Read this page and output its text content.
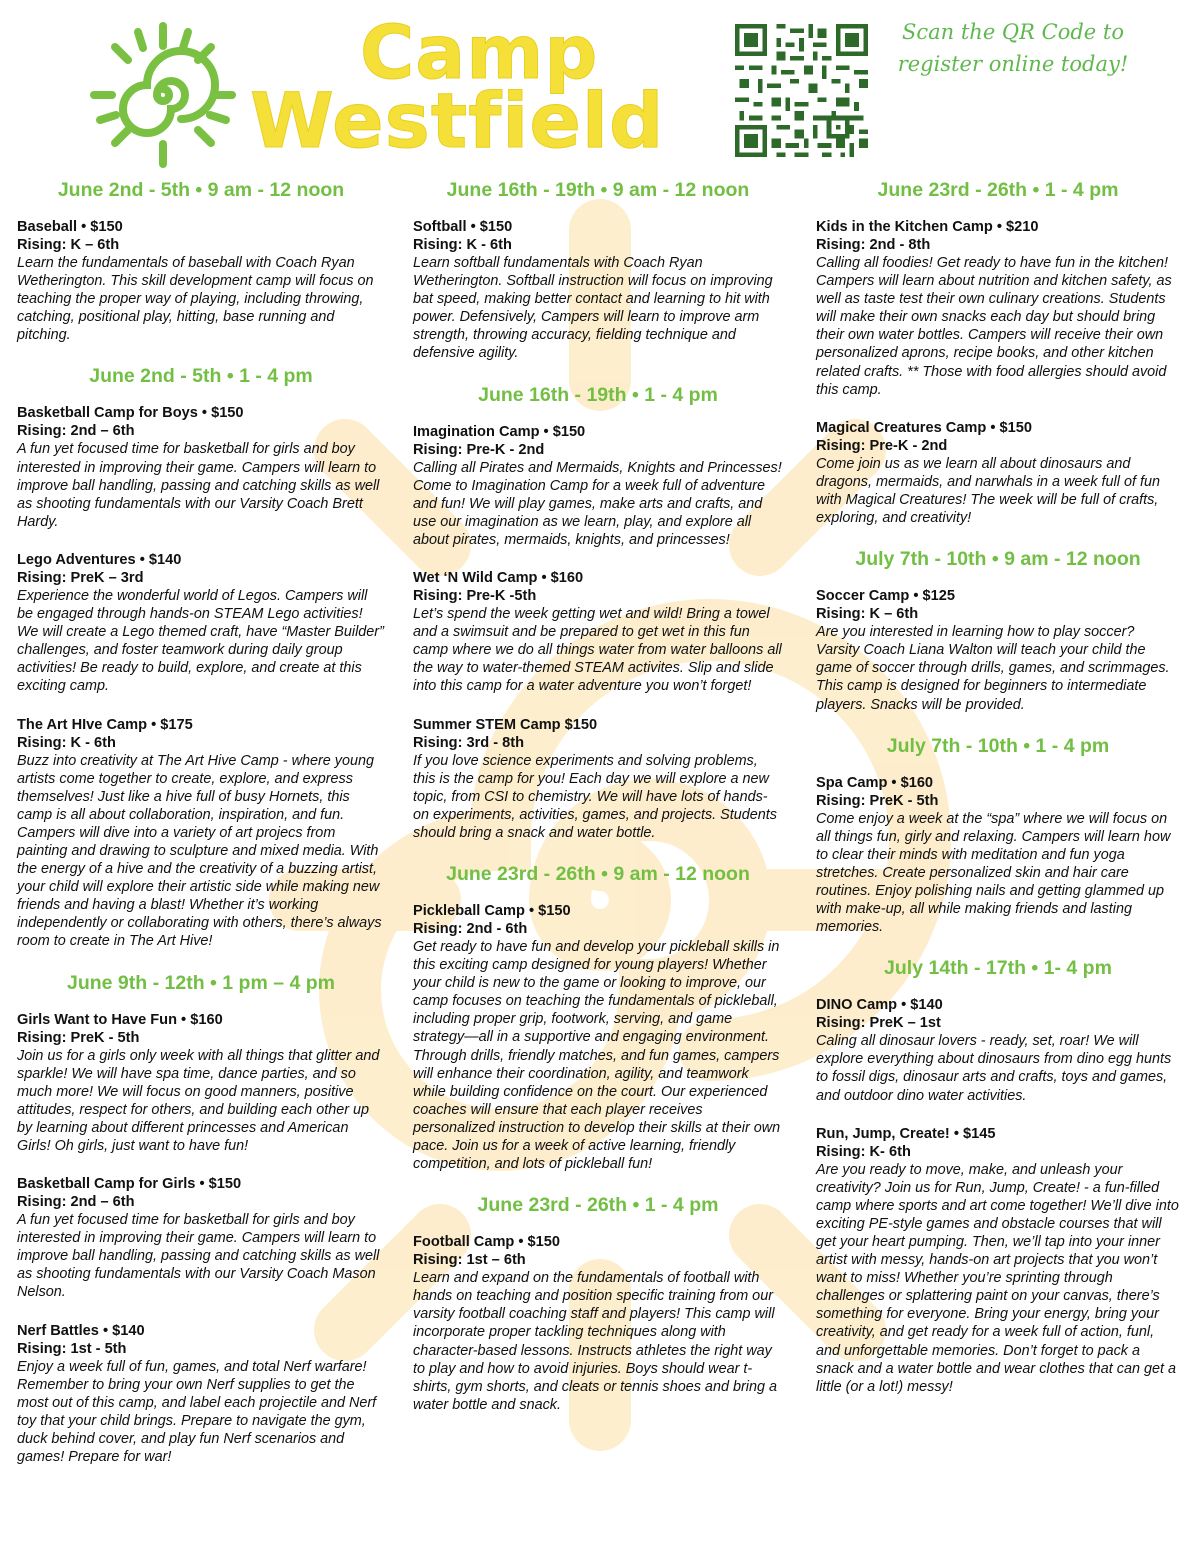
Camp
Westfield
Scan the QR Code to register online today!
June 2nd - 5th • 9 am - 12 noon
Baseball • $150
Rising: K – 6th
Learn the fundamentals of baseball with Coach Ryan Wetherington. This skill development camp will focus on teaching the proper way of playing, including throwing, catching, positional play, hitting, base running and pitching.
June 2nd - 5th • 1 - 4 pm
Basketball Camp for Boys • $150
Rising: 2nd – 6th
A fun yet focused time for basketball for girls and boy interested in improving their game. Campers will learn to improve ball handling, passing and catching skills as well as shooting fundamentals with our Varsity Coach Brett Hardy.
Lego Adventures • $140
Rising: PreK – 3rd
Experience the wonderful world of Legos. Campers will be engaged through hands-on STEAM Lego activities! We will create a Lego themed craft, have “Master Builder” challenges, and foster teamwork during daily group activities! Be ready to build, explore, and create at this exciting camp.
The Art HIve Camp • $175
Rising: K - 6th
Buzz into creativity at The Art Hive Camp - where young artists come together to create, explore, and express themselves! Just like a hive full of busy Hornets, this camp is all about collaboration, inspiration, and fun. Campers will dive into a variety of art projecs from painting and drawing to sculpture and mixed media. With the energy of a hive and the creativity of a buzzing artist, your child will explore their artistic side while making new friends and having a blast! Whether it’s working independently or collaborating with others, there’s always room to create in The Art Hive!
June 9th - 12th • 1 pm – 4 pm
Girls Want to Have Fun • $160
Rising: PreK - 5th
Join us for a girls only week with all things that glitter and sparkle! We will have spa time, dance parties, and so much more! We will focus on good manners, positive attitudes, respect for others, and building each other up by learning about different princesses and American Girls! Oh girls, just want to have fun!
Basketball Camp for Girls • $150
Rising: 2nd – 6th
A fun yet focused time for basketball for girls and boy interested in improving their game. Campers will learn to improve ball handling, passing and catching skills as well as shooting fundamentals with our Varsity Coach Mason Nelson.
Nerf Battles • $140
Rising: 1st - 5th
Enjoy a week full of fun, games, and total Nerf warfare! Remember to bring your own Nerf supplies to get the most out of this camp, and label each projectile and Nerf toy that your child brings. Prepare to navigate the gym, duck behind cover, and play fun Nerf scenarios and games! Prepare for war!
June 16th - 19th • 9 am - 12 noon
Softball • $150
Rising: K - 6th
Learn softball fundamentals with Coach Ryan Wetherington. Softball instruction will focus on improving bat speed, making better contact and learning to hit with power. Defensively, Campers will learn to improve arm strength, throwing accuracy, fielding technique and defensive agility.
June 16th - 19th • 1 - 4 pm
Imagination Camp • $150
Rising: Pre-K - 2nd
Calling all Pirates and Mermaids, Knights and Princesses! Come to Imagination Camp for a week full of adventure and fun! We will play games, make arts and crafts, and use our imagination as we learn, play, and explore all about pirates, mermaids, knights, and princesses!
Wet ‘N Wild Camp • $160
Rising: Pre-K -5th
Let’s spend the week getting wet and wild! Bring a towel and a swimsuit and be prepared to get wet in this fun camp where we do all things water from water balloons all the way to water-themed STEAM activites. Slip and slide into this camp for a water adventure you won’t forget!
Summer STEM Camp $150
Rising: 3rd - 8th
If you love science experiments and solving problems, this is the camp for you! Each day we will explore a new topic, from CSI to chemistry. We will have lots of hands-on experiments, activities, games, and projects. Students should bring a snack and water bottle.
June 23rd - 26th • 9 am - 12 noon
Pickleball Camp • $150
Rising: 2nd - 6th
Get ready to have fun and develop your pickleball skills in this exciting camp designed for young players! Whether your child is new to the game or looking to improve, our camp focuses on teaching the fundamentals of pickleball, including proper grip, footwork, serving, and game strategy—all in a supportive and engaging environment. Through drills, friendly matches, and fun games, campers will enhance their coordination, agility, and teamwork while building confidence on the court. Our experienced coaches will ensure that each player receives personalized instruction to develop their skills at their own pace. Join us for a week of active learning, friendly competition, and lots of pickleball fun!
June 23rd - 26th • 1 - 4 pm
Football Camp • $150
Rising: 1st – 6th
Learn and expand on the fundamentals of football with hands on teaching and position specific training from our varsity football coaching staff and players! This camp will incorporate proper tackling techniques along with character-based lessons. Instructs athletes the right way to play and how to avoid injuries. Boys should wear t-shirts, gym shorts, and cleats or tennis shoes and bring a water bottle and snack.
June 23rd - 26th • 1 - 4 pm
Kids in the Kitchen Camp • $210
Rising: 2nd - 8th
Calling all foodies! Get ready to have fun in the kitchen! Campers will learn about nutrition and kitchen safety, as well as taste test their own culinary creations. Students will make their own snacks each day but should bring their own water bottles. Campers will receive their own personalized aprons, recipe books, and other kitchen related crafts. ** Those with food allergies should avoid this camp.
Magical Creatures Camp • $150
Rising: Pre-K - 2nd
Come join us as we learn all about dinosaurs and dragons, mermaids, and narwhals in a week full of fun with Magical Creatures! The week will be full of crafts, exploring, and creativity!
July 7th - 10th • 9 am - 12 noon
Soccer Camp • $125
Rising: K – 6th
Are you interested in learning how to play soccer? Varsity Coach Liana Walton will teach your child the game of soccer through drills, games, and scrimmages. This camp is designed for beginners to intermediate players. Snacks will be provided.
July 7th - 10th • 1 - 4 pm
Spa Camp • $160
Rising: PreK - 5th
Come enjoy a week at the “spa” where we will focus on all things fun, girly and relaxing. Campers will learn how to clear their minds with meditation and fun yoga stretches. Create personalized skin and hair care routines. Enjoy polishing nails and getting glammed up with make-up, all while making friends and lasting memories.
July 14th - 17th • 1- 4 pm
DINO Camp • $140
Rising: PreK – 1st
Caling all dinosaur lovers - ready, set, roar! We will explore everything about dinosaurs from dino egg hunts to fossil digs, dinosaur arts and crafts, toys and games, and outdoor dino water activities.
Run, Jump, Create! • $145
Rising: K- 6th
Are you ready to move, make, and unleash your creativity? Join us for Run, Jump, Create! - a fun-filled camp where sports and art come together! We’ll dive into exciting PE-style games and obstacle courses that will get your heart pumping. Then, we’ll tap into your inner artist with messy, hands-on art projects that you won’t want to miss! Whether you’re sprinting through challenges or splattering paint on your canvas, there’s something for everyone. Bring your energy, bring your creativity, and get ready for a week full of action, funl, and unforgettable memories. Don’t forget to pack a snack and a water bottle and wear clothes that can get a little (or a lot!) messy!
